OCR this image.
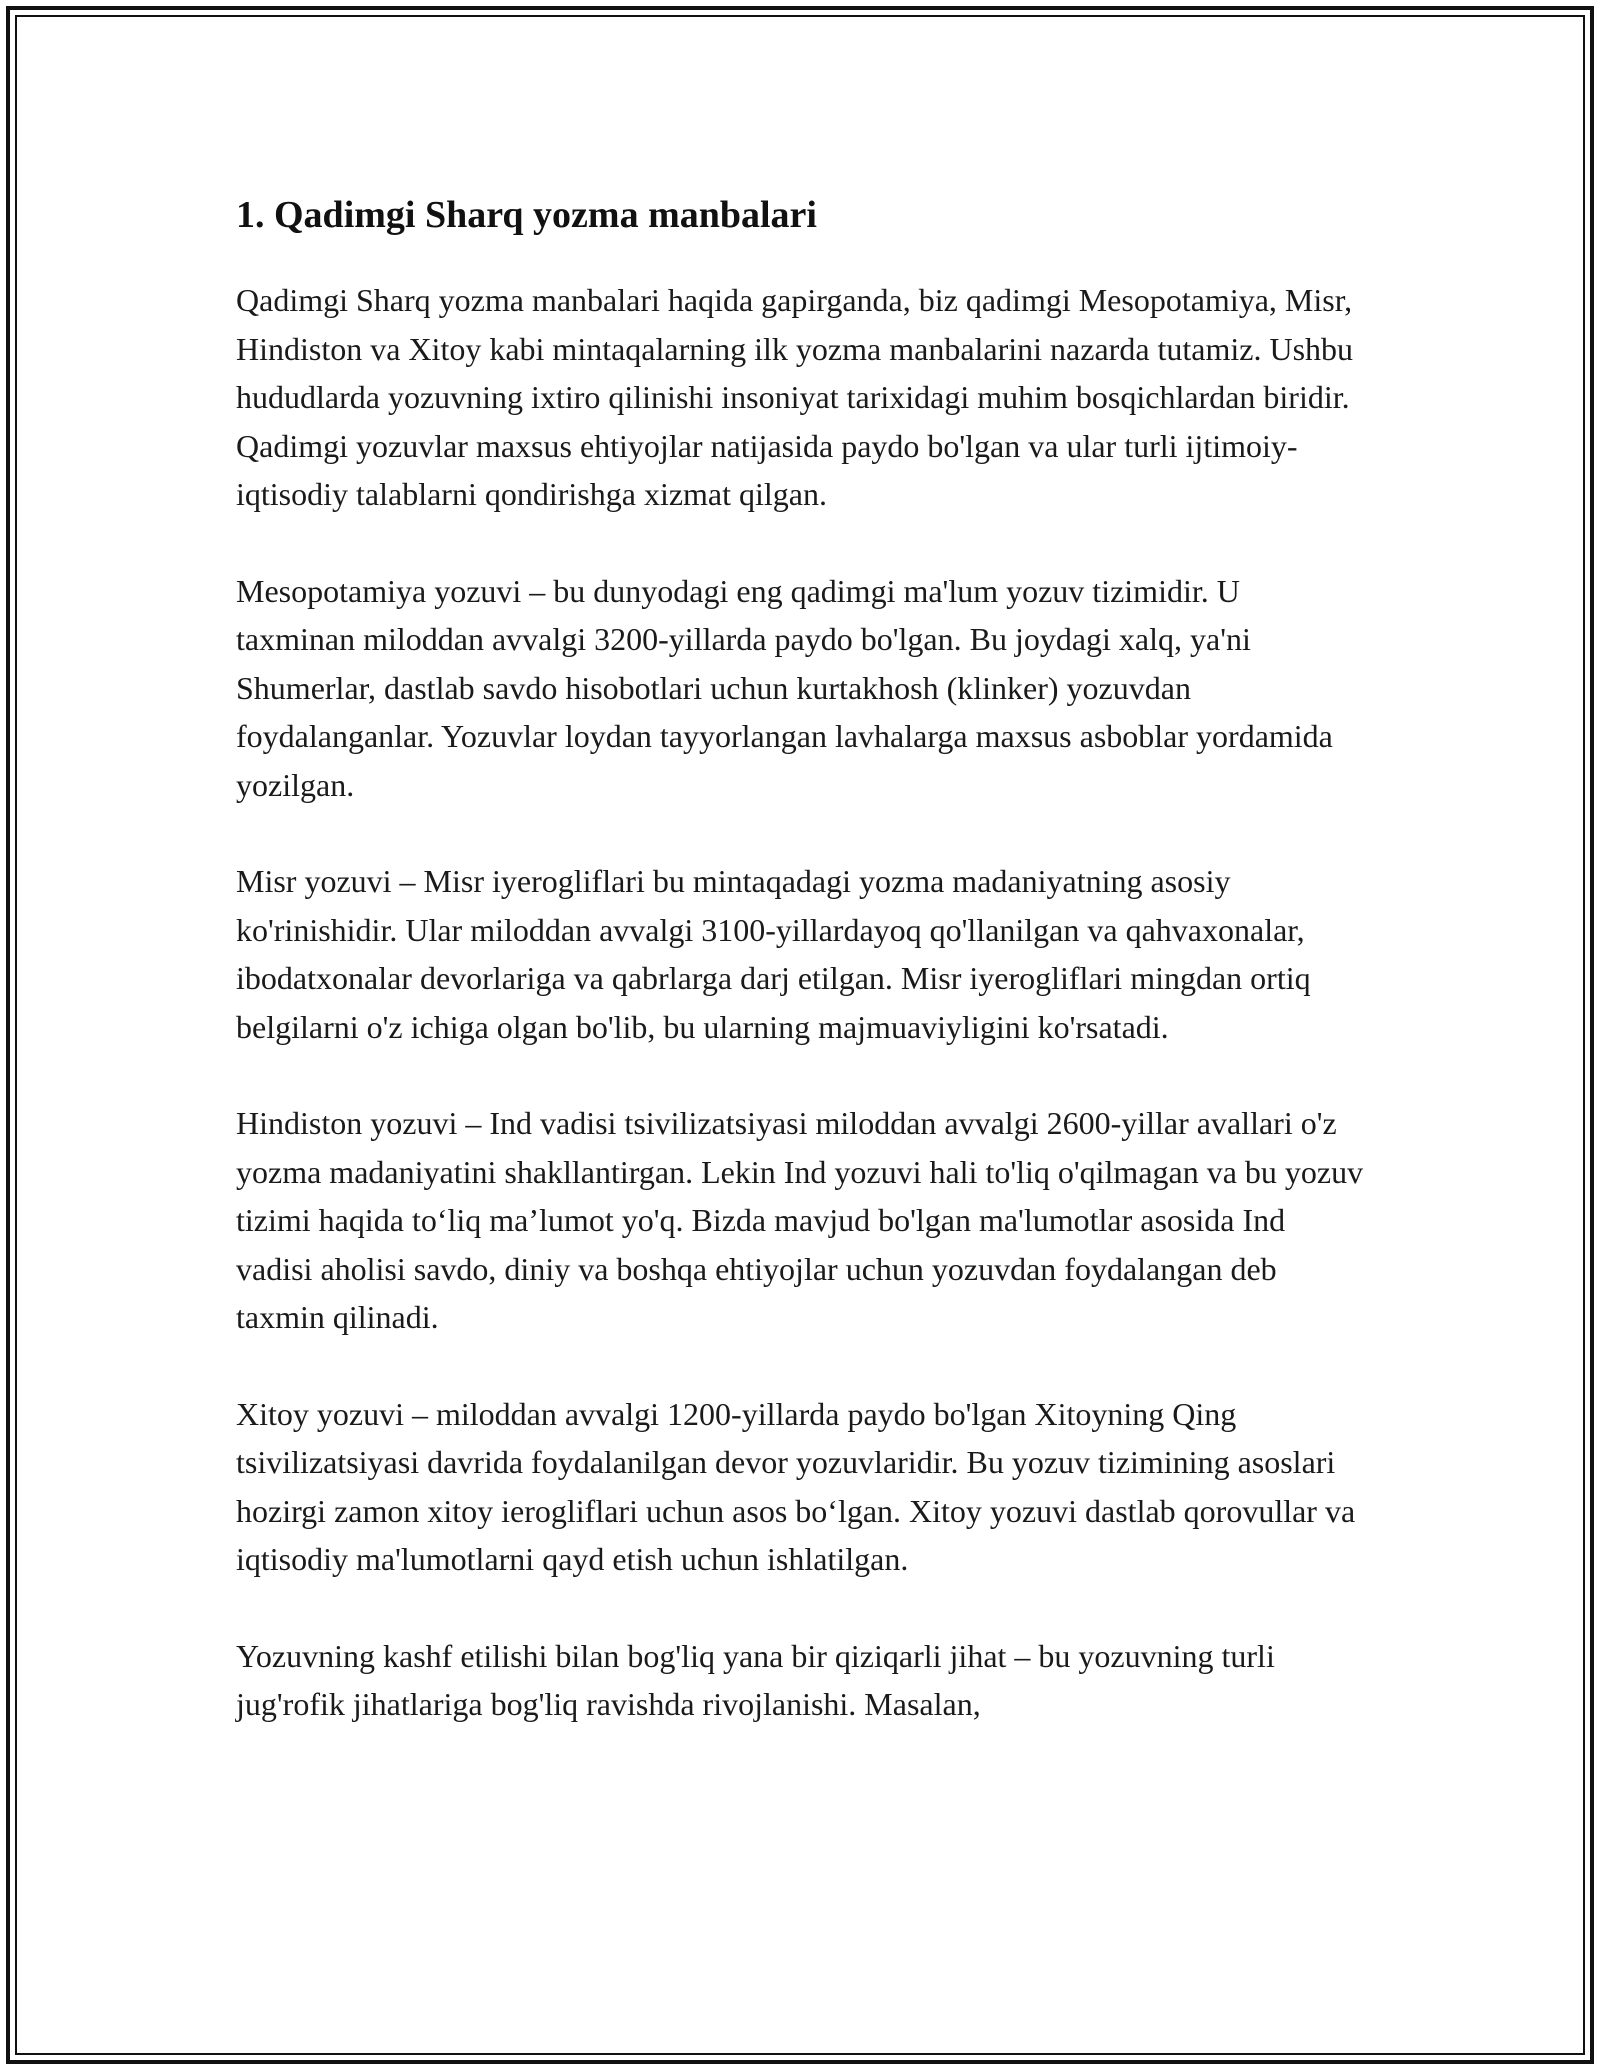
1. Qadimgi Sharq yozma manbalari

Qadimgi Sharq yozma manbalari haqida gapirganda, biz qadimgi Mesopotamiya, Misr, Hindiston va Xitoy kabi mintaqalarning ilk yozma manbalarini nazarda tutamiz. Ushbu hududlarda yozuvning ixtiro qilinishi insoniyat tarixidagi muhim bosqichlardan biridir. Qadimgi yozuvlar maxsus ehtiyojlar natijasida paydo bo'lgan va ular turli ijtimoiy-iqtisodiy talablarni qondirishga xizmat qilgan.

Mesopotamiya yozuvi – bu dunyodagi eng qadimgi ma'lum yozuv tizimidir. U taxminan miloddan avvalgi 3200-yillarda paydo bo'lgan. Bu joydagi xalq, ya'ni Shumerlar, dastlab savdo hisobotlari uchun kurtakhosh (klinker) yozuvdan foydalanganlar. Yozuvlar loydan tayyorlangan lavhalarga maxsus asboblar yordamida yozilgan.

Misr yozuvi – Misr iyerogliflari bu mintaqadagi yozma madaniyatning asosiy ko'rinishidir. Ular miloddan avvalgi 3100-yillardayoq qo'llanilgan va qahvaxonalar, ibodatxonalar devorlariga va qabrlarga darj etilgan. Misr iyerogliflari mingdan ortiq belgilarni o'z ichiga olgan bo'lib, bu ularning majmuaviyligini ko'rsatadi.

Hindiston yozuvi – Ind vadisi tsivilizatsiyasi miloddan avvalgi 2600-yillar avallari o'z yozma madaniyatini shakllantirgan. Lekin Ind yozuvi hali to'liq o'qilmagan va bu yozuv tizimi haqida to‘liq ma’lumot yo'q. Bizda mavjud bo'lgan ma'lumotlar asosida Ind vadisi aholisi savdo, diniy va boshqa ehtiyojlar uchun yozuvdan foydalangan deb taxmin qilinadi.

Xitoy yozuvi – miloddan avvalgi 1200-yillarda paydo bo'lgan Xitoyning Qing tsivilizatsiyasi davrida foydalanilgan devor yozuvlaridir. Bu yozuv tizimining asoslari hozirgi zamon xitoy ierogliflari uchun asos bo‘lgan. Xitoy yozuvi dastlab qorovullar va iqtisodiy ma'lumotlarni qayd etish uchun ishlatilgan.

Yozuvning kashf etilishi bilan bog'liq yana bir qiziqarli jihat – bu yozuvning turli jug'rofik jihatlariga bog'liq ravishda rivojlanishi. Masalan,
